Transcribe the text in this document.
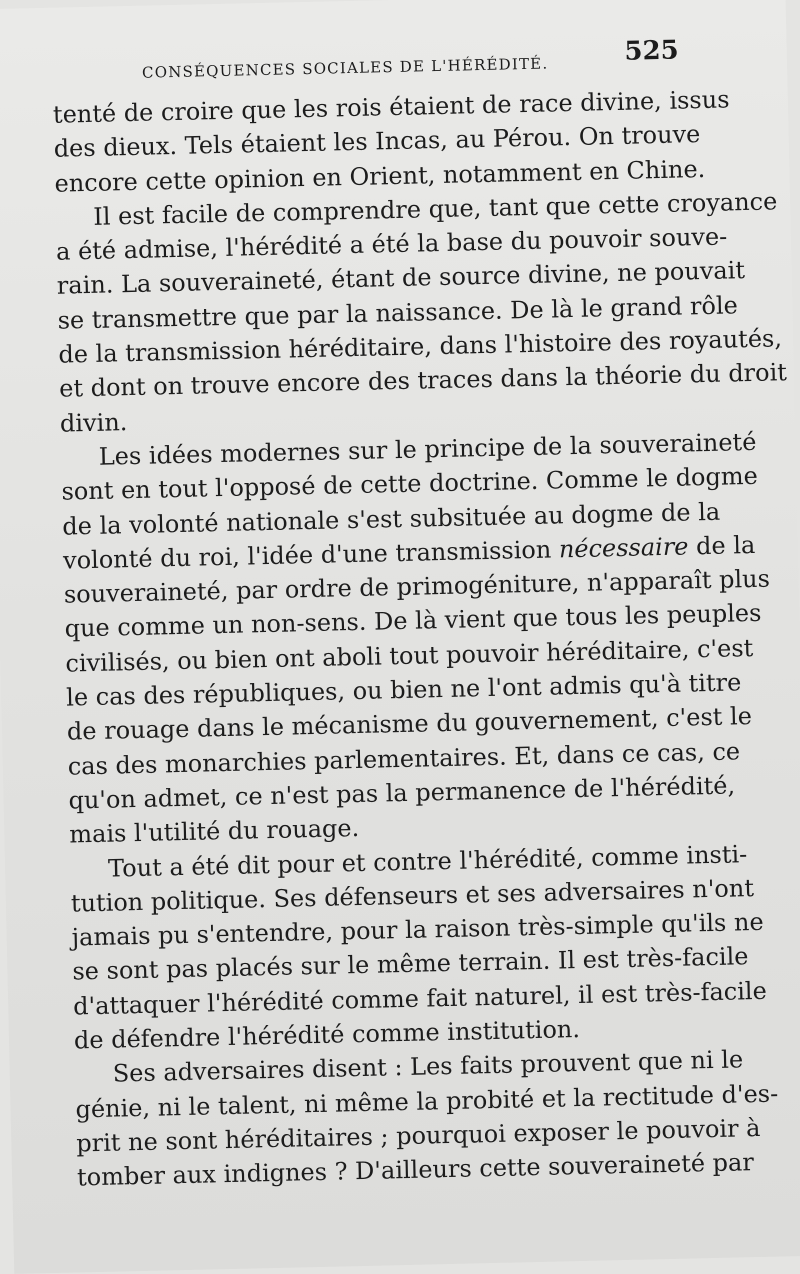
CONSÉQUENCES SOCIALES DE L'HÉRÉDITÉ.
525
tenté de croire que les rois étaient de race divine, issus
des dieux. Tels étaient les Incas, au Pérou. On trouve
encore cette opinion en Orient, notamment en Chine.
Il est facile de comprendre que, tant que cette croyance
a été admise, l'hérédité a été la base du pouvoir souve-
rain. La souveraineté, étant de source divine, ne pouvait
se transmettre que par la naissance. De là le grand rôle
de la transmission héréditaire, dans l'histoire des royautés,
et dont on trouve encore des traces dans la théorie du droit
divin.
Les idées modernes sur le principe de la souveraineté
sont en tout l'opposé de cette doctrine. Comme le dogme
de la volonté nationale s'est subsituée au dogme de la
volonté du roi, l'idée d'une transmission nécessaire de la
souveraineté, par ordre de primogéniture, n'apparaît plus
que comme un non-sens. De là vient que tous les peuples
civilisés, ou bien ont aboli tout pouvoir héréditaire, c'est
le cas des républiques, ou bien ne l'ont admis qu'à titre
de rouage dans le mécanisme du gouvernement, c'est le
cas des monarchies parlementaires. Et, dans ce cas, ce
qu'on admet, ce n'est pas la permanence de l'hérédité,
mais l'utilité du rouage.
Tout a été dit pour et contre l'hérédité, comme insti-
tution politique. Ses défenseurs et ses adversaires n'ont
jamais pu s'entendre, pour la raison très-simple qu'ils ne
se sont pas placés sur le même terrain. Il est très-facile
d'attaquer l'hérédité comme fait naturel, il est très-facile
de défendre l'hérédité comme institution.
Ses adversaires disent : Les faits prouvent que ni le
génie, ni le talent, ni même la probité et la rectitude d'es-
prit ne sont héréditaires ; pourquoi exposer le pouvoir à
tomber aux indignes ? D'ailleurs cette souveraineté par
